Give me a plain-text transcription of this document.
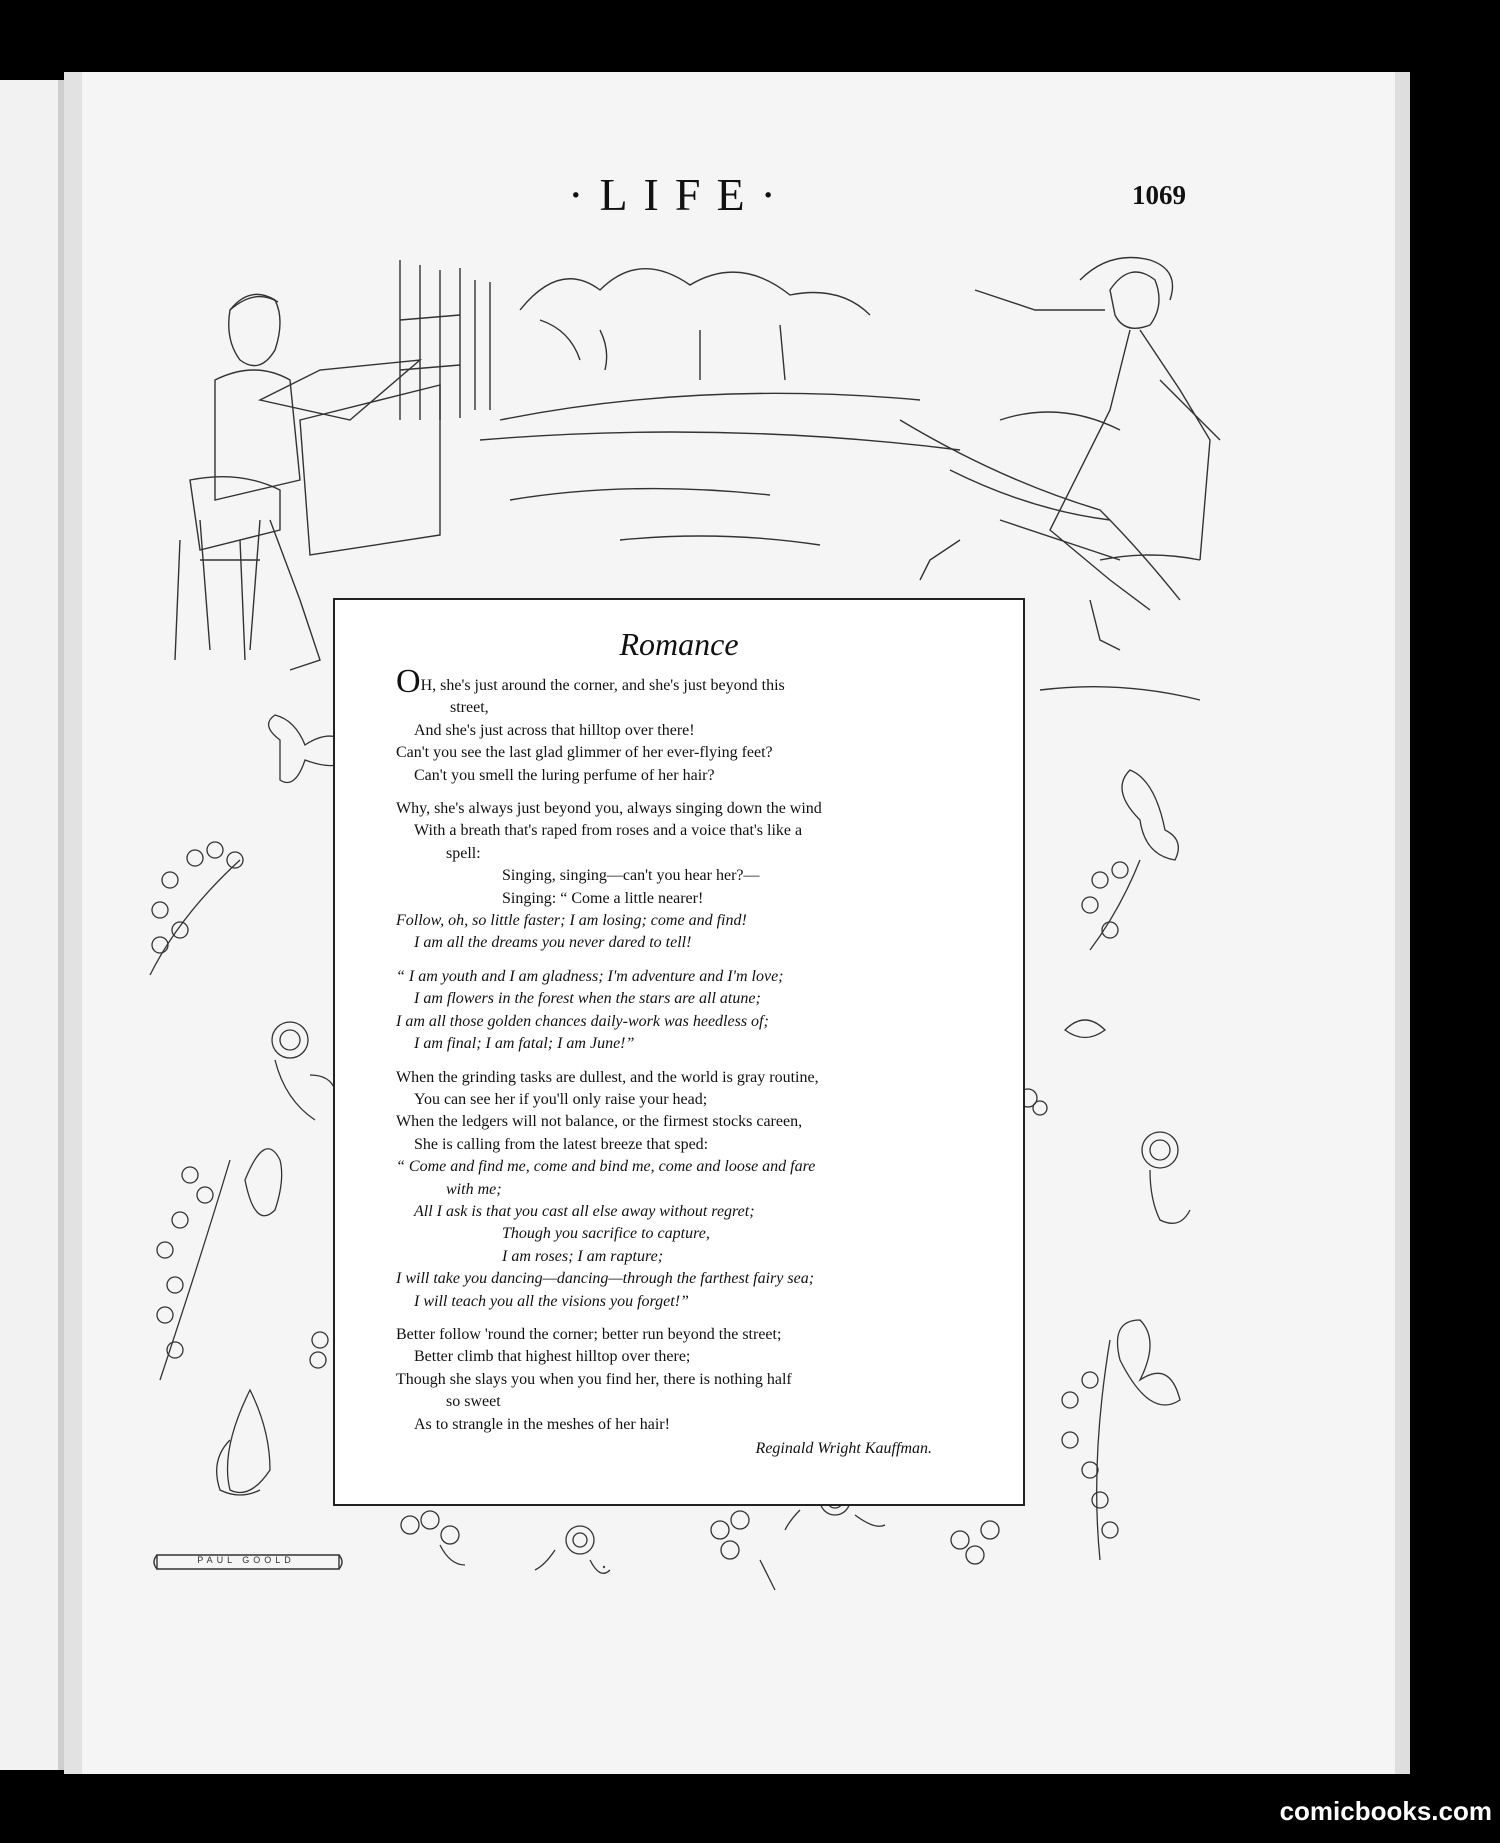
·LIFE·	1069
Romance
OH, she's just around the corner, and she's just beyond this
street,
And she's just across that hilltop over there!
Can't you see the last glad glimmer of her ever-flying feet?
Can't you smell the luring perfume of her hair?
Why, she's always just beyond you, always singing down the wind
With a breath that's raped from roses and a voice that's like a
spell:
Singing, singing—can't you hear her?—
Singing: “ Come a little nearer!
Follow, oh, so little faster; I am losing; come and find!
I am all the dreams you never dared to tell!
“ I am youth and I am gladness; I'm adventure and I'm love;
I am flowers in the forest when the stars are all atune;
I am all those golden chances daily-work was heedless of;
I am final; I am fatal; I am June!”
When the grinding tasks are dullest, and the world is gray routine,
You can see her if you'll only raise your head;
When the ledgers will not balance, or the firmest stocks careen,
She is calling from the latest breeze that sped:
“ Come and find me, come and bind me, come and loose and fare
with me;
All I ask is that you cast all else away without regret;
Though you sacrifice to capture,
I am roses; I am rapture;
I will take you dancing—dancing—through the farthest fairy sea;
I will teach you all the visions you forget!”
Better follow 'round the corner; better run beyond the street;
Better climb that highest hilltop over there;
Though she slays you when you find her, there is nothing half
so sweet
As to strangle in the meshes of her hair!
Reginald Wright Kauffman.
PAUL GOOLD
comicbooks.com
